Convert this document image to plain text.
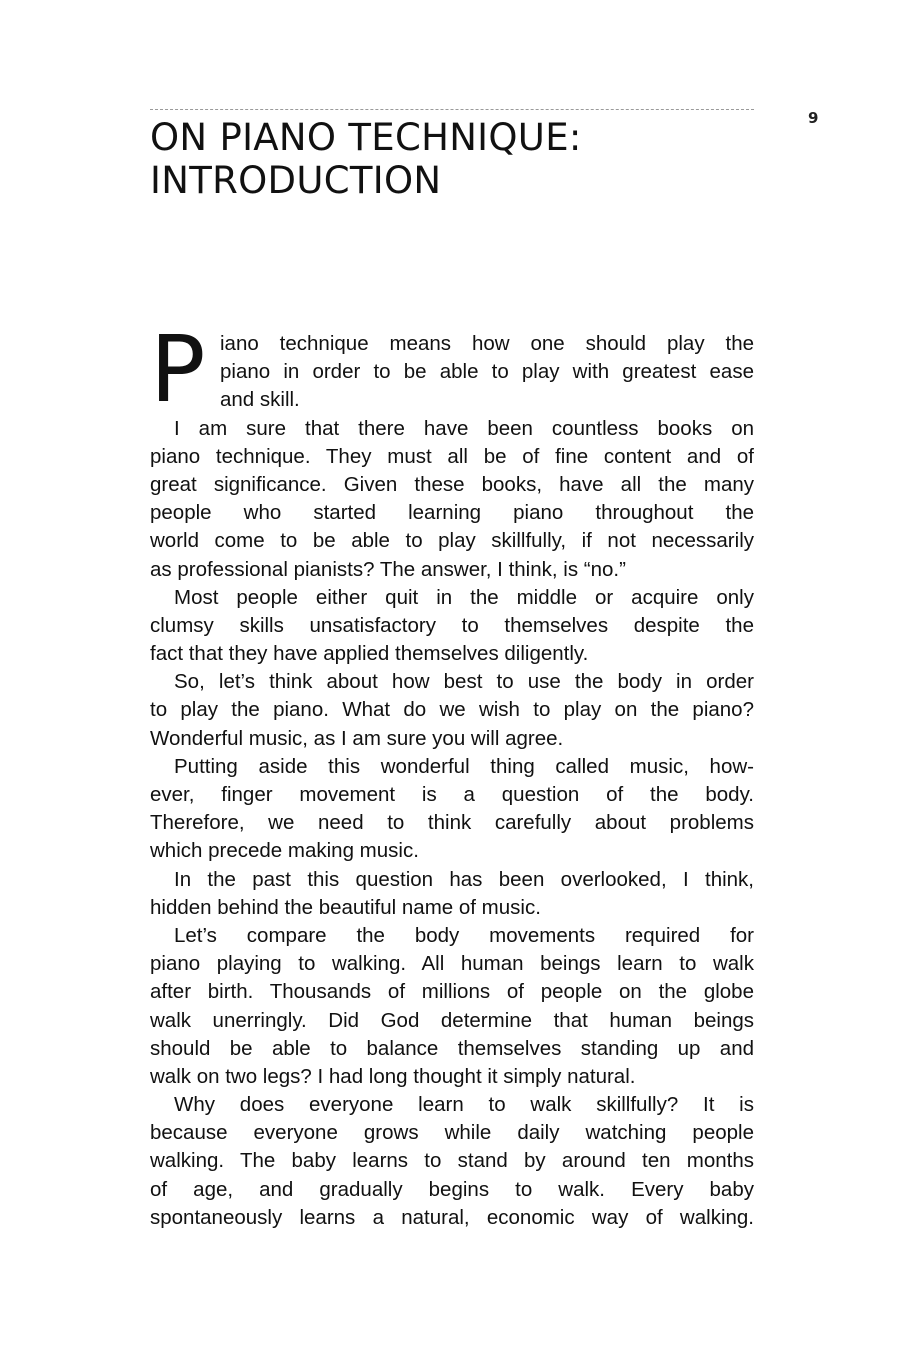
9
ON PIANO TECHNIQUE:
INTRODUCTION
P iano technique means how one should play the
piano in order to be able to play with greatest ease
and skill.
I am sure that there have been countless books on
piano technique. They must all be of fine content and of
great significance. Given these books, have all the many
people who started learning piano throughout the
world come to be able to play skillfully, if not necessarily
as professional pianists? The answer, I think, is “no.”
Most people either quit in the middle or acquire only
clumsy skills unsatisfactory to themselves despite the
fact that they have applied themselves diligently.
So, let’s think about how best to use the body in order
to play the piano. What do we wish to play on the piano?
Wonderful music, as I am sure you will agree.
Putting aside this wonderful thing called music, how-
ever, finger movement is a question of the body.
Therefore, we need to think carefully about problems
which precede making music.
In the past this question has been overlooked, I think,
hidden behind the beautiful name of music.
Let’s compare the body movements required for
piano playing to walking. All human beings learn to walk
after birth. Thousands of millions of people on the globe
walk unerringly. Did God determine that human beings
should be able to balance themselves standing up and
walk on two legs? I had long thought it simply natural.
Why does everyone learn to walk skillfully? It is
because everyone grows while daily watching people
walking. The baby learns to stand by around ten months
of age, and gradually begins to walk. Every baby
spontaneously learns a natural, economic way of walking.
